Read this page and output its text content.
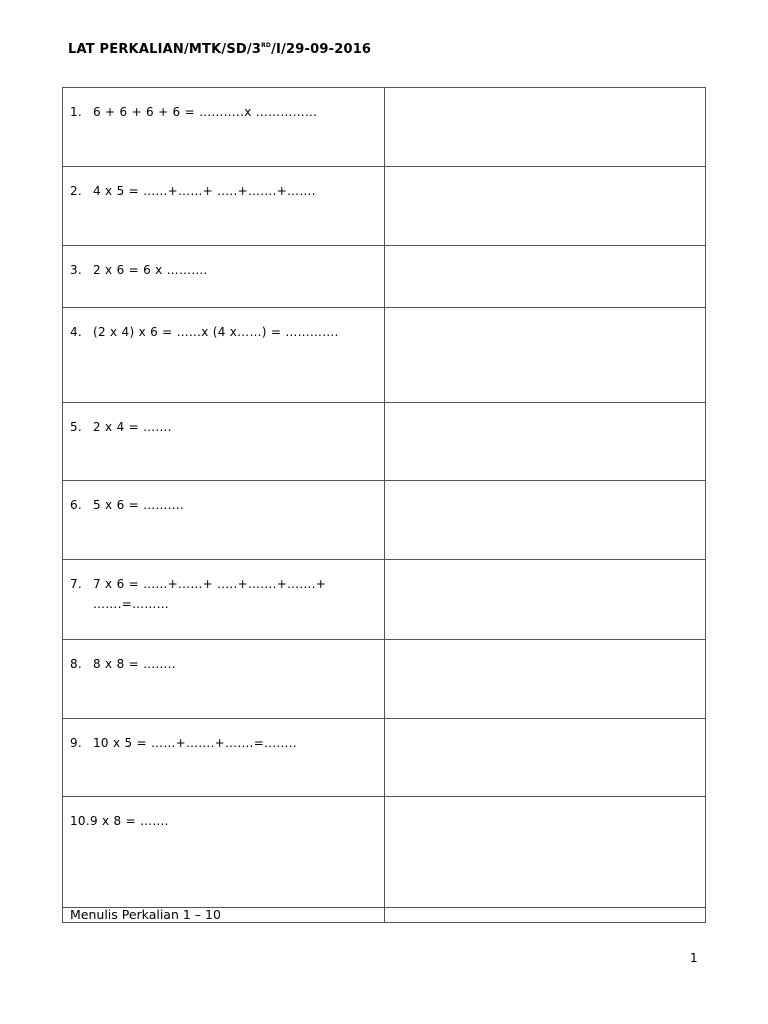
LAT PERKALIAN/MTK/SD/3RD/I/29-09-2016
1. 6 + 6 + 6 + 6 = ………..x ……………	

2. 4 x 5 = ……+……+ …..+…….+…….	

3. 2 x 6 = 6 x ……….	

4. (2 x 4) x 6 = ……x (4 x……) = ………….	

5. 2 x 4 = …….	

6. 5 x 6 = ……….	

7. 7 x 6 = ……+……+ …..+…….+…….+
…….=………	

8. 8 x 8 = ……..	

9. 10 x 5 = ……+…….+…….=……..	

10.9 x 8 = …….	

Menulis Perkalian 1 – 10	

1
